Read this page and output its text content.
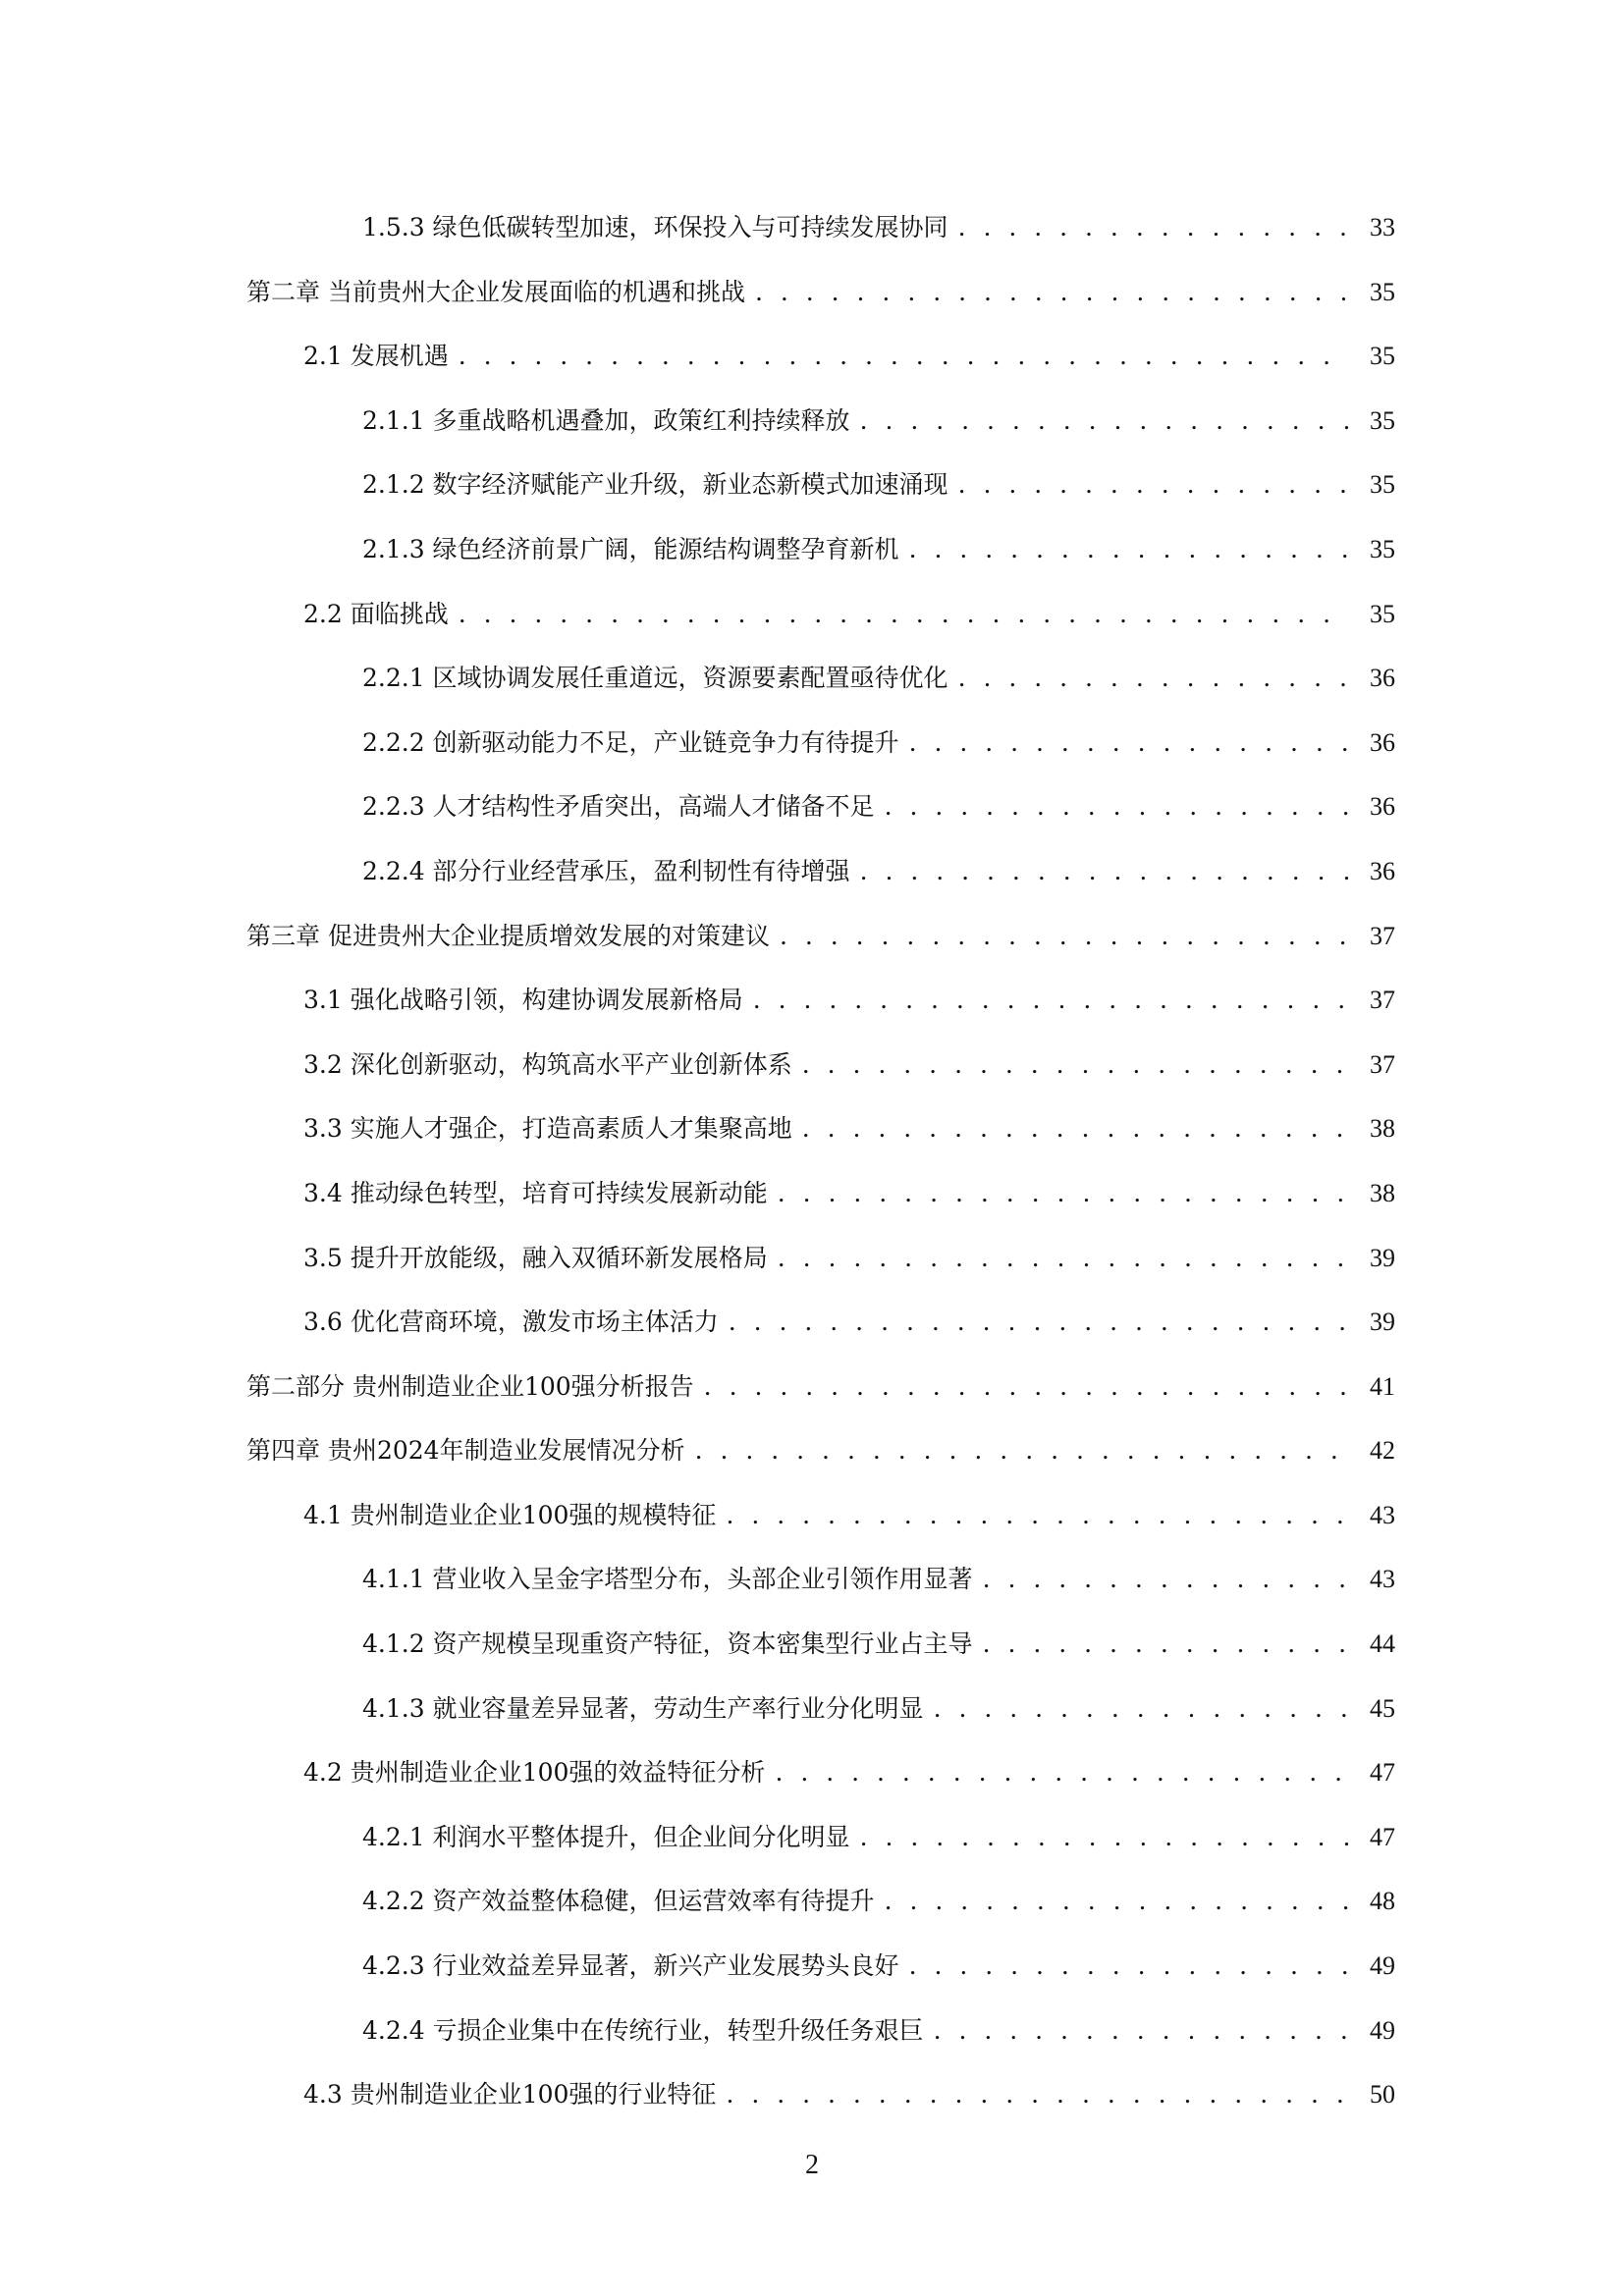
1.5.3 绿色低碳转型加速，环保投入与可持续发展协同 . . .	33
第二章 当前贵州大企业发展面临的机遇和挑战 . . .	35
2.1 发展机遇 . . .	35
2.1.1 多重战略机遇叠加，政策红利持续释放 . . .	35
2.1.2 数字经济赋能产业升级，新业态新模式加速涌现 . . .	35
2.1.3 绿色经济前景广阔，能源结构调整孕育新机 . . .	35
2.2 面临挑战 . . .	35
2.2.1 区域协调发展任重道远，资源要素配置亟待优化 . . .	36
2.2.2 创新驱动能力不足，产业链竞争力有待提升 . . .	36
2.2.3 人才结构性矛盾突出，高端人才储备不足 . . .	36
2.2.4 部分行业经营承压，盈利韧性有待增强 . . .	36
第三章 促进贵州大企业提质增效发展的对策建议 . . .	37
3.1 强化战略引领，构建协调发展新格局 . . .	37
3.2 深化创新驱动，构筑高水平产业创新体系 . . .	37
3.3 实施人才强企，打造高素质人才集聚高地 . . .	38
3.4 推动绿色转型，培育可持续发展新动能 . . .	38
3.5 提升开放能级，融入双循环新发展格局 . . .	39
3.6 优化营商环境，激发市场主体活力 . . .	39
第二部分 贵州制造业企业100强分析报告 . . .	41
第四章 贵州2024年制造业发展情况分析 . . .	42
4.1 贵州制造业企业100强的规模特征 . . .	43
4.1.1 营业收入呈金字塔型分布，头部企业引领作用显著 . . .	43
4.1.2 资产规模呈现重资产特征，资本密集型行业占主导 . . .	44
4.1.3 就业容量差异显著，劳动生产率行业分化明显 . . .	45
4.2 贵州制造业企业100强的效益特征分析 . . .	47
4.2.1 利润水平整体提升，但企业间分化明显 . . .	47
4.2.2 资产效益整体稳健，但运营效率有待提升 . . .	48
4.2.3 行业效益差异显著，新兴产业发展势头良好 . . .	49
4.2.4 亏损企业集中在传统行业，转型升级任务艰巨 . . .	49
4.3 贵州制造业企业100强的行业特征 . . .	50
2
